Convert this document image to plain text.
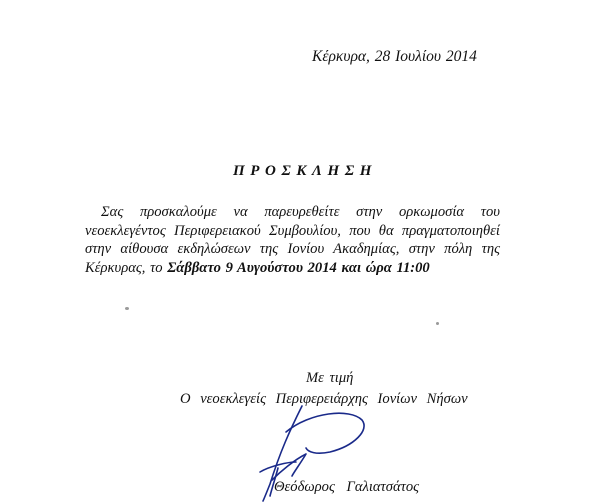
Κέρκυρα, 28 Ιουλίου 2014
ΠΡΟΣΚΛΗΣΗ
Σας προσκαλούμε να παρευρεθείτε στην ορκωμοσία του νεοεκλεγέντος Περιφερειακού Συμβουλίου, που θα πραγματοποιηθεί στην αίθουσα εκδηλώσεων της Ιονίου Ακαδημίας, στην πόλη της Κέρκυρας, το Σάββατο 9 Αυγούστου 2014 και ώρα 11:00
Με τιμή
Ο νεοεκλεγείς Περιφερειάρχης Ιονίων Νήσων
Θεόδωρος Γαλιατσάτος
